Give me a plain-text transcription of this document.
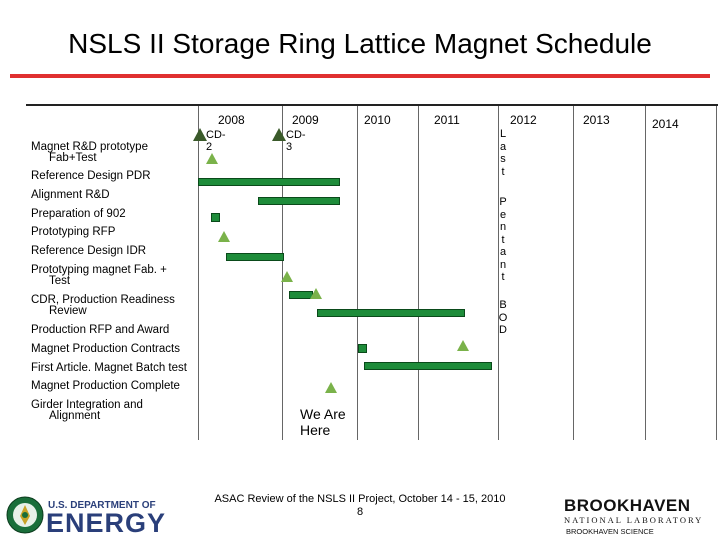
NSLS II Storage Ring Lattice Magnet Schedule
2008	2009	2010	2011	2012	2013	2014
CD-
2
CD-
3
Magnet R&D prototype
Fab+Test
Reference Design PDR
Alignment R&D
Preparation of 902
Prototyping RFP
Reference Design IDR
Prototyping magnet Fab. +
Test
CDR, Production Readiness
Review
Production RFP and Award
Magnet Production Contracts
First Article. Magnet Batch test
Magnet Production Complete
Girder Integration and
Alignment
L
a
s
t
P
e
n
t
a
n
t
B
O
D
We Are
Here
ASAC Review of the NSLS II Project, October 14 - 15, 2010
8
U.S. DEPARTMENT OF
ENERGY
BROOKHAVEN
NATIONAL LABORATORY
BROOKHAVEN SCIENCE
